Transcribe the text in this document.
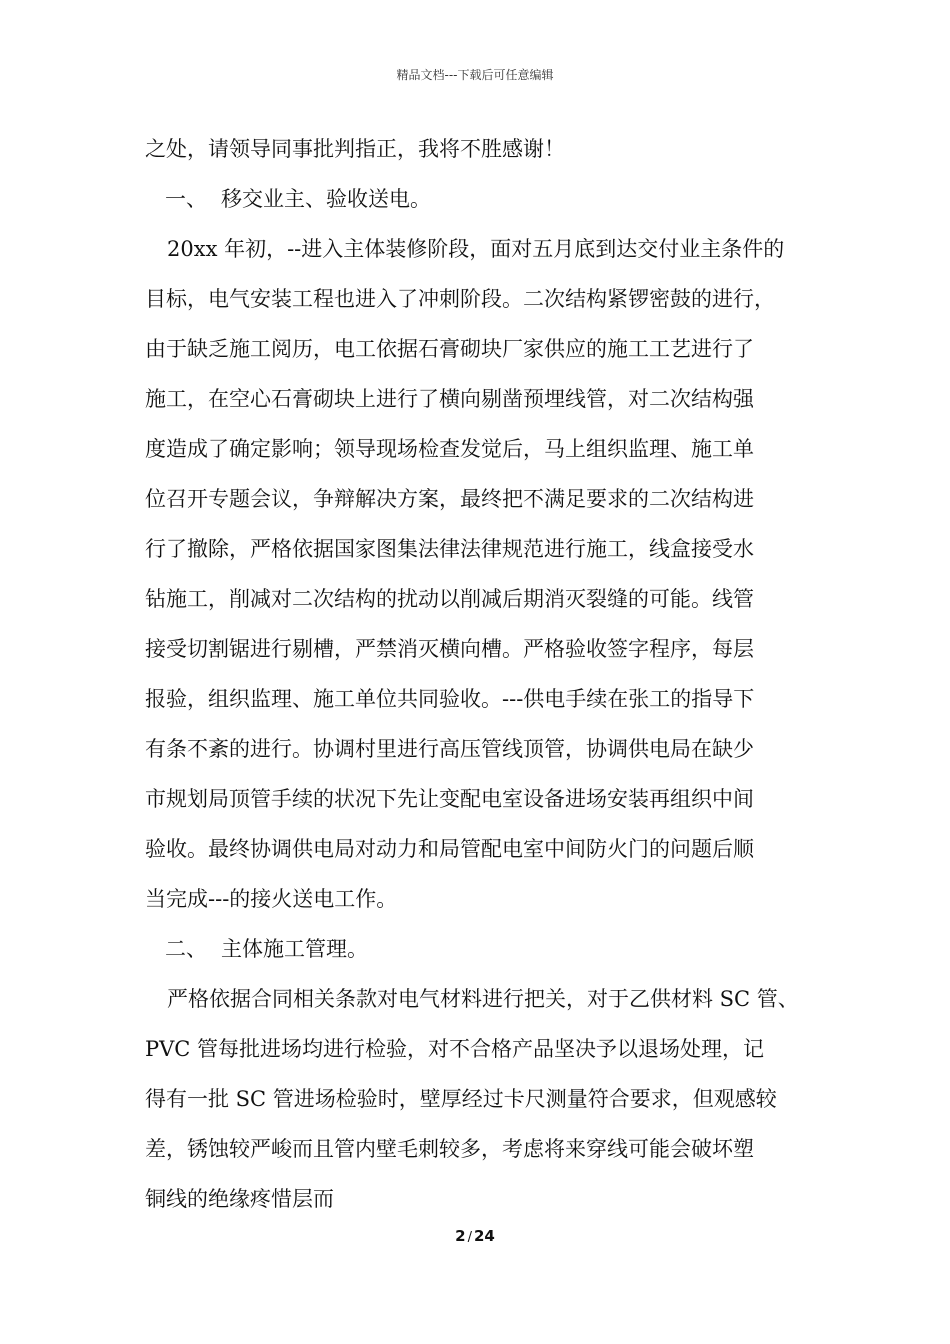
精品文档---下载后可任意编辑
之处，请领导同事批判指正，我将不胜感谢！
一、 移交业主、验收送电。
20xx 年初，--进入主体装修阶段，面对五月底到达交付业主条件的
目标，电气安装工程也进入了冲刺阶段。二次结构紧锣密鼓的进行，
由于缺乏施工阅历，电工依据石膏砌块厂家供应的施工工艺进行了
施工，在空心石膏砌块上进行了横向剔凿预埋线管，对二次结构强
度造成了确定影响；领导现场检查发觉后，马上组织监理、施工单
位召开专题会议，争辩解决方案，最终把不满足要求的二次结构进
行了撤除，严格依据国家图集法律法律规范进行施工，线盒接受水
钻施工，削减对二次结构的扰动以削减后期消灭裂缝的可能。线管
接受切割锯进行剔槽，严禁消灭横向槽。严格验收签字程序，每层
报验，组织监理、施工单位共同验收。---供电手续在张工的指导下
有条不紊的进行。协调村里进行高压管线顶管，协调供电局在缺少
市规划局顶管手续的状况下先让变配电室设备进场安装再组织中间
验收。最终协调供电局对动力和局管配电室中间防火门的问题后顺
当完成---的接火送电工作。
二、 主体施工管理。
严格依据合同相关条款对电气材料进行把关，对于乙供材料 SC 管、
PVC 管每批进场均进行检验，对不合格产品坚决予以退场处理，记
得有一批 SC 管进场检验时，壁厚经过卡尺测量符合要求，但观感较
差，锈蚀较严峻而且管内壁毛刺较多，考虑将来穿线可能会破坏塑
铜线的绝缘疼惜层而
2 / 24
